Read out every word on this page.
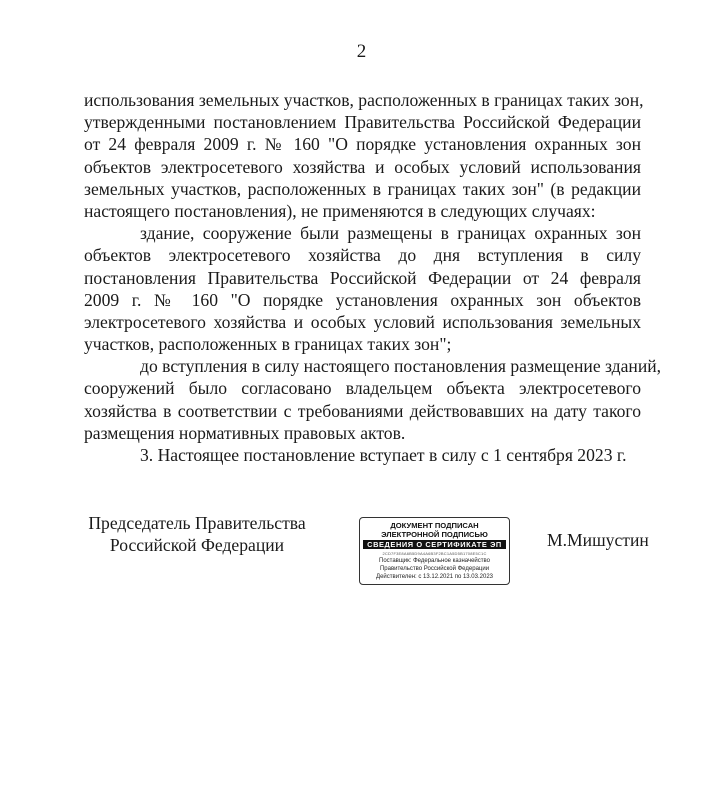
2
использования земельных участков, расположенных в границах таких зон,
утвержденными постановлением Правительства Российской Федерации
от 24 февраля 2009 г. № 160 "О порядке установления охранных зон
объектов электросетевого хозяйства и особых условий использования
земельных участков, расположенных в границах таких зон" (в редакции
настоящего постановления), не применяются в следующих случаях:
здание, сооружение были размещены в границах охранных зон
объектов электросетевого хозяйства до дня вступления в силу
постановления Правительства Российской Федерации от 24 февраля
2009 г. № 160 "О порядке установления охранных зон объектов
электросетевого хозяйства и особых условий использования земельных
участков, расположенных в границах таких зон";
до вступления в силу настоящего постановления размещение зданий,
сооружений было согласовано владельцем объекта электросетевого
хозяйства в соответствии с требованиями действовавших на дату такого
размещения нормативных правовых актов.
3. Настоящее постановление вступает в силу с 1 сентября 2023 г.
Председатель Правительства
Российской Федерации
ДОКУМЕНТ ПОДПИСАН
ЭЛЕКТРОННОЙ ПОДПИСЬЮ
СВЕДЕНИЯ О СЕРТИФИКАТЕ ЭП
2CD7F3E8A6B5D9A4A6B3F2BC1A5D5B1708E5C1C
Поставщик: Федеральное казначейство
Правительство Российской Федерации
Действителен: с 13.12.2021 по 13.03.2023
М.Мишустин
